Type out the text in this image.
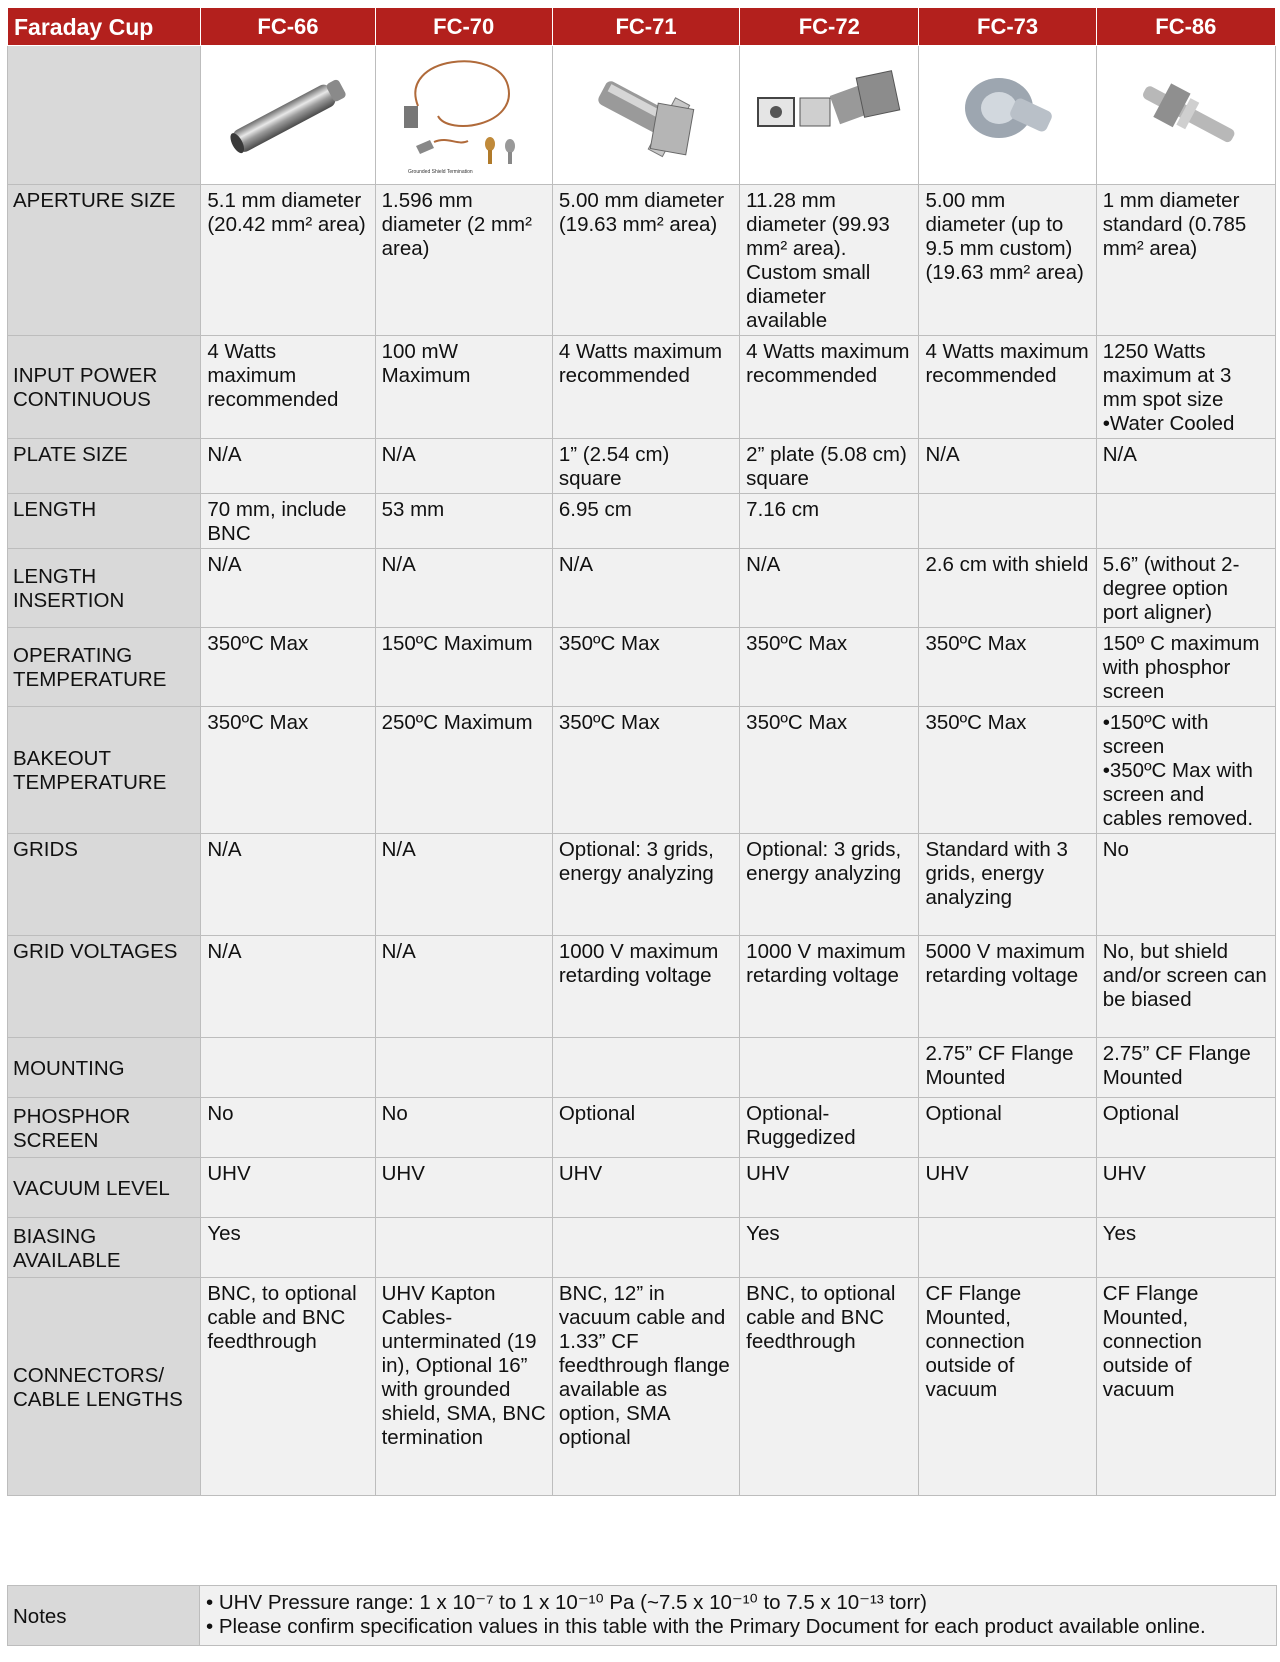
Faraday Cup	FC-66	FC-70	FC-71	FC-72	FC-73	FC-86

Grounded Shield Termination

APERTURE SIZE	5.1 mm diameter (20.42 mm² area)	1.596 mm diameter (2 mm² area)	5.00 mm diameter (19.63 mm² area)	11.28 mm diameter (99.93 mm² area). Custom small diameter available	5.00 mm diameter (up to 9.5 mm custom) (19.63 mm² area)	1 mm diameter standard (0.785 mm² area)
INPUT POWER CONTINUOUS	4 Watts maximum recommended	100 mW Maximum	4 Watts maximum recommended	4 Watts maximum recommended	4 Watts maximum recommended	1250 Watts maximum at 3 mm spot size
•Water Cooled
PLATE SIZE	N/A	N/A	1” (2.54 cm) square	2” plate (5.08 cm) square	N/A	N/A
LENGTH	70 mm, include BNC	53 mm	6.95 cm	7.16 cm		
LENGTH INSERTION	N/A	N/A	N/A	N/A	2.6 cm with shield	5.6” (without 2-degree option port aligner)
OPERATING TEMPERATURE	350ºC Max	150ºC Maximum	350ºC Max	350ºC Max	350ºC Max	150º C maximum with phosphor screen
BAKEOUT TEMPERATURE	350ºC Max	250ºC Maximum	350ºC Max	350ºC Max	350ºC Max	•150ºC with screen
•350ºC Max with screen and cables removed.
GRIDS	N/A	N/A	Optional: 3 grids, energy analyzing	Optional: 3 grids, energy analyzing	Standard with 3 grids, energy analyzing	No
GRID VOLTAGES	N/A	N/A	1000 V maximum retarding voltage	1000 V maximum retarding voltage	5000 V maximum retarding voltage	No, but shield and/or screen can be biased
MOUNTING					2.75” CF Flange Mounted	2.75” CF Flange Mounted
PHOSPHOR SCREEN	No	No	Optional	Optional- Ruggedized	Optional	Optional
VACUUM LEVEL	UHV	UHV	UHV	UHV	UHV	UHV
BIASING AVAILABLE	Yes			Yes		Yes
CONNECTORS/ CABLE LENGTHS	BNC, to optional cable and BNC feedthrough	UHV Kapton Cables- unterminated (19 in), Optional 16” with grounded shield, SMA, BNC termination	BNC, 12” in vacuum cable and 1.33” CF feedthrough flange available as option, SMA optional	BNC, to optional cable and BNC feedthrough	CF Flange Mounted, connection outside of vacuum	CF Flange Mounted, connection outside of vacuum
Notes	
• UHV Pressure range: 1 x 10⁻⁷ to 1 x 10⁻¹⁰ Pa (~7.5 x 10⁻¹⁰ to 7.5 x 10⁻¹³ torr)
• Please confirm specification values in this table with the Primary Document for each product available online.
